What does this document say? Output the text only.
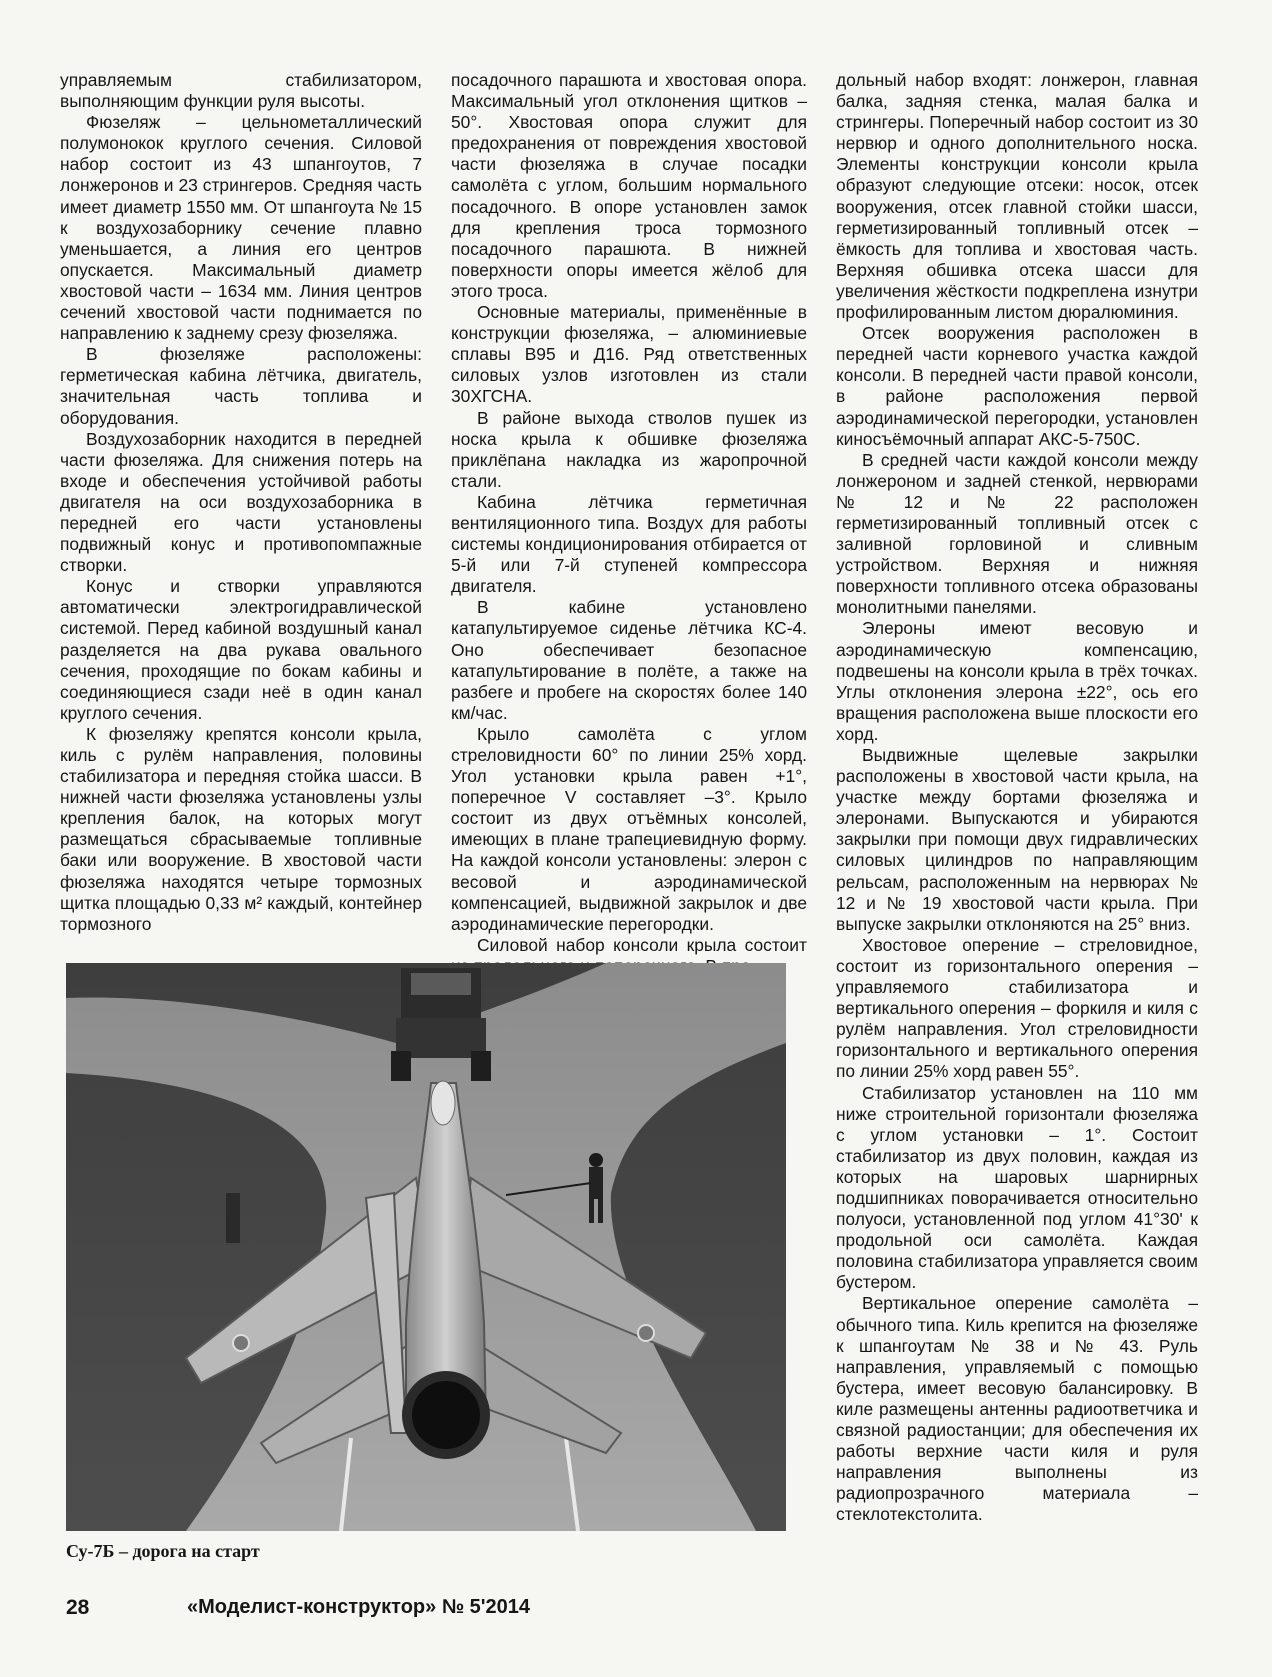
управляемым стабилизатором, выполняющим функции руля высоты.

Фюзеляж – цельнометаллический полумонокок круглого сечения. Силовой набор состоит из 43 шпангоутов, 7 лонжеронов и 23 стрингеров. Средняя часть имеет диаметр 1550 мм. От шпангоута № 15 к воздухозаборнику сечение плавно уменьшается, а линия его центров опускается. Максимальный диаметр хвостовой части – 1634 мм. Линия центров сечений хвостовой части поднимается по направлению к заднему срезу фюзеляжа.

В фюзеляже расположены: герметическая кабина лётчика, двигатель, значительная часть топлива и оборудования.

Воздухозаборник находится в передней части фюзеляжа. Для снижения потерь на входе и обеспечения устойчивой работы двигателя на оси воздухозаборника в передней его части установлены подвижный конус и противопомпажные створки.

Конус и створки управляются автоматически электрогидравлической системой. Перед кабиной воздушный канал разделяется на два рукава овального сечения, проходящие по бокам кабины и соединяющиеся сзади неё в один канал круглого сечения.

К фюзеляжу крепятся консоли крыла, киль с рулём направления, половины стабилизатора и передняя стойка шасси. В нижней части фюзеляжа установлены узлы крепления балок, на которых могут размещаться сбрасываемые топливные баки или вооружение. В хвостовой части фюзеляжа находятся четыре тормозных щитка площадью 0,33 м² каждый, контейнер тормозного

посадочного парашюта и хвостовая опора. Максимальный угол отклонения щитков – 50°. Хвостовая опора служит для предохранения от повреждения хвостовой части фюзеляжа в случае посадки самолёта с углом, большим нормального посадочного. В опоре установлен замок для крепления троса тормозного посадочного парашюта. В нижней поверхности опоры имеется жёлоб для этого троса.

Основные материалы, применённые в конструкции фюзеляжа, – алюминиевые сплавы В95 и Д16. Ряд ответственных силовых узлов изготовлен из стали 30ХГСНА.

В районе выхода стволов пушек из носка крыла к обшивке фюзеляжа приклёпана накладка из жаропрочной стали.

Кабина лётчика герметичная вентиляционного типа. Воздух для работы системы кондиционирования отбирается от 5-й или 7-й ступеней компрессора двигателя.

В кабине установлено катапультируемое сиденье лётчика КС-4. Оно обеспечивает безопасное катапультирование в полёте, а также на разбеге и пробеге на скоростях более 140 км/час.

Крыло самолёта с углом стреловидности 60° по линии 25% хорд. Угол установки крыла равен +1°, поперечное V составляет –3°. Крыло состоит из двух отъёмных консолей, имеющих в плане трапециевидную форму. На каждой консоли установлены: элерон с весовой и аэродинамической компенсацией, выдвижной закрылок и две аэродинамические перегородки.

Силовой набор консоли крыла состоит

дольный набор входят: лонжерон, главная балка, задняя стенка, малая балка и стрингеры. Поперечный набор состоит из 30 нервюр и одного дополнительного носка. Элементы конструкции консоли крыла образуют следующие отсеки: носок, отсек вооружения, отсек главной стойки шасси, герметизированный топливный отсек – ёмкость для топлива и хвостовая часть. Верхняя обшивка отсека шасси для увеличения жёсткости подкреплена изнутри профилированным листом дюралюминия.

Отсек вооружения расположен в передней части корневого участка каждой консоли. В передней части правой консоли, в районе расположения первой аэродинамической перегородки, установлен киносъёмочный аппарат АКС-5-750С.

В средней части каждой консоли между лонжероном и задней стенкой, нервюрами № 12 и № 22 расположен герметизированный топливный отсек с заливной горловиной и сливным устройством. Верхняя и нижняя поверхности топливного отсека образованы монолитными панелями.

Элероны имеют весовую и аэродинамическую компенсацию, подвешены на консоли крыла в трёх точках. Углы отклонения элерона ±22°, ось его вращения расположена выше плоскости его хорд.

Выдвижные щелевые закрылки расположены в хвостовой части крыла, на участке между бортами фюзеляжа и элеронами. Выпускаются и убираются закрылки при помощи двух гидравлических силовых цилиндров по направляющим рельсам, расположенным на нервюрах № 12 и № 19 хвостовой части крыла. При выпуске закрылки отклоняются на 25° вниз.

Хвостовое оперение – стреловидное, состоит из горизонтального оперения – управляемого стабилизатора и вертикального оперения – форкиля и киля с рулём направления. Угол стреловидности горизонтального и вертикального оперения по линии 25% хорд равен 55°.

Стабилизатор установлен на 110 мм ниже строительной горизонтали фюзеляжа с углом установки – 1°. Состоит стабилизатор из двух половин, каждая из которых на шаровых шарнирных подшипниках поворачивается относительно полуоси, установленной под углом 41°30' к продольной оси самолёта. Каждая половина стабилизатора управляется своим бустером.

Вертикальное оперение самолёта – обычного типа. Киль крепится на фюзеляже к шпангоутам № 38 и № 43. Руль направления, управляемый с помощью бустера, имеет весовую балансировку. В киле размещены антенны радиоответчика и связной радиостанции; для обеспечения их работы верхние части киля и руля направления выполнены из радиопрозрачного материала – стеклотекстолита.

Су-7Б – дорога на старт
28	«Моделист-конструктор» № 5'2014
